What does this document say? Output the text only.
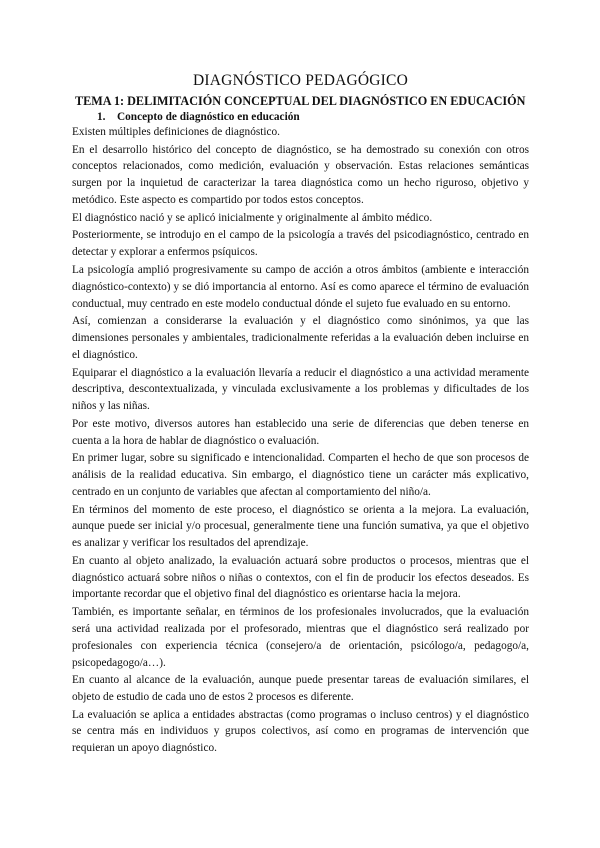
DIAGNÓSTICO PEDAGÓGICO
TEMA 1: DELIMITACIÓN CONCEPTUAL DEL DIAGNÓSTICO EN EDUCACIÓN
1. Concepto de diagnóstico en educación

Existen múltiples definiciones de diagnóstico.

En el desarrollo histórico del concepto de diagnóstico, se ha demostrado su conexión con otros conceptos relacionados, como medición, evaluación y observación. Estas relaciones semánticas surgen por la inquietud de caracterizar la tarea diagnóstica como un hecho riguroso, objetivo y metódico. Este aspecto es compartido por todos estos conceptos.

El diagnóstico nació y se aplicó inicialmente y originalmente al ámbito médico.

Posteriormente, se introdujo en el campo de la psicología a través del psicodiagnóstico, centrado en detectar y explorar a enfermos psíquicos.

La psicología amplió progresivamente su campo de acción a otros ámbitos (ambiente e interacción diagnóstico-contexto) y se dió importancia al entorno. Así es como aparece el término de evaluación conductual, muy centrado en este modelo conductual dónde el sujeto fue evaluado en su entorno.

Así, comienzan a considerarse la evaluación y el diagnóstico como sinónimos, ya que las dimensiones personales y ambientales, tradicionalmente referidas a la evaluación deben incluirse en el diagnóstico.

Equiparar el diagnóstico a la evaluación llevaría a reducir el diagnóstico a una actividad meramente descriptiva, descontextualizada, y vinculada exclusivamente a los problemas y dificultades de los niños y las niñas.

Por este motivo, diversos autores han establecido una serie de diferencias que deben tenerse en cuenta a la hora de hablar de diagnóstico o evaluación.

En primer lugar, sobre su significado e intencionalidad. Comparten el hecho de que son procesos de análisis de la realidad educativa. Sin embargo, el diagnóstico tiene un carácter más explicativo, centrado en un conjunto de variables que afectan al comportamiento del niño/a.

En términos del momento de este proceso, el diagnóstico se orienta a la mejora. La evaluación, aunque puede ser inicial y/o procesual, generalmente tiene una función sumativa, ya que el objetivo es analizar y verificar los resultados del aprendizaje.

En cuanto al objeto analizado, la evaluación actuará sobre productos o procesos, mientras que el diagnóstico actuará sobre niños o niñas o contextos, con el fin de producir los efectos deseados. Es importante recordar que el objetivo final del diagnóstico es orientarse hacia la mejora.

También, es importante señalar, en términos de los profesionales involucrados, que la evaluación será una actividad realizada por el profesorado, mientras que el diagnóstico será realizado por profesionales con experiencia técnica (consejero/a de orientación, psicólogo/a, pedagogo/a, psicopedagogo/a…).

En cuanto al alcance de la evaluación, aunque puede presentar tareas de evaluación similares, el objeto de estudio de cada uno de estos 2 procesos es diferente.

La evaluación se aplica a entidades abstractas (como programas o incluso centros) y el diagnóstico se centra más en individuos y grupos colectivos, así como en programas de intervención que requieran un apoyo diagnóstico.
